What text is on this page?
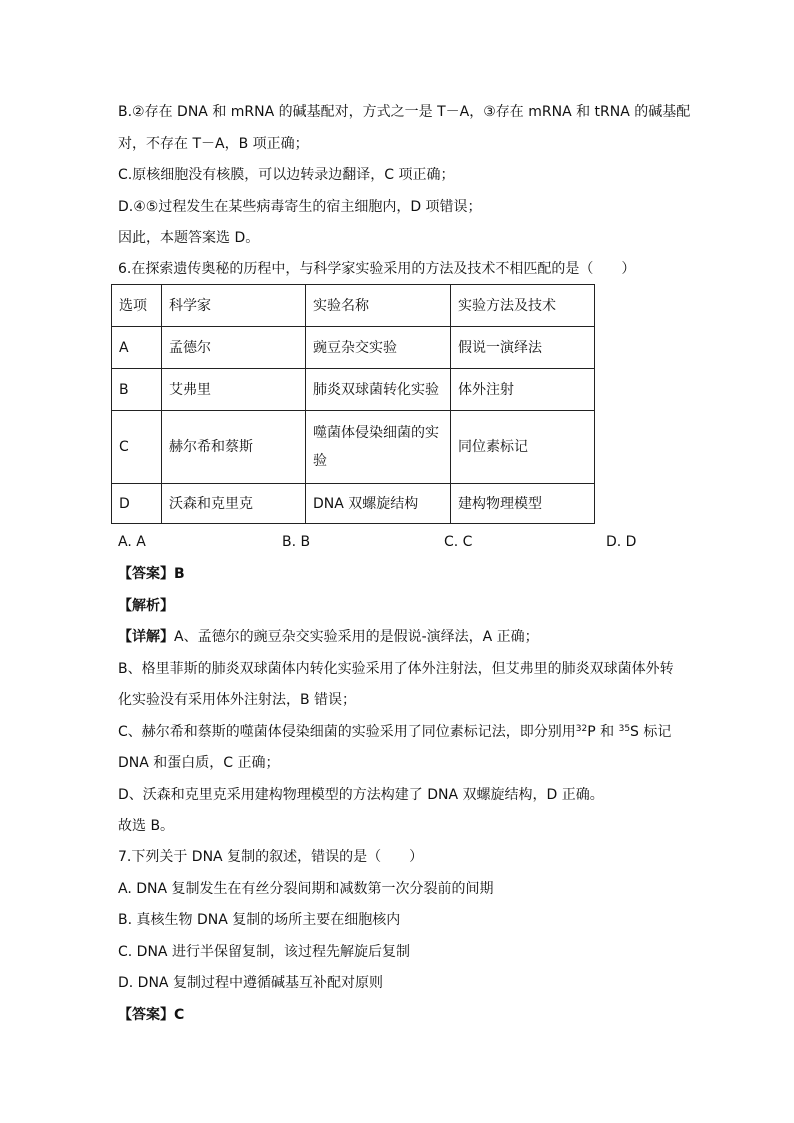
B.②存在 DNA 和 mRNA 的碱基配对，方式之一是 T－A，③存在 mRNA 和 tRNA 的碱基配
对，不存在 T－A，B 项正确；
C.原核细胞没有核膜，可以边转录边翻译，C 项正确；
D.④⑤过程发生在某些病毒寄生的宿主细胞内，D 项错误；
因此，本题答案选 D。
6.在探索遗传奥秘的历程中，与科学家实验采用的方法及技术不相匹配的是（　　）
选项	科学家	实验名称	实验方法及技术
A	孟德尔	豌豆杂交实验	假说一演绎法
B	艾弗里	肺炎双球菌转化实验	体外注射
C	赫尔希和蔡斯	噬菌体侵染细菌的实验	同位素标记
D	沃森和克里克	DNA 双螺旋结构	建构物理模型
A. A	B. B	C. C	D. D
【答案】B
【解析】
【详解】A、孟德尔的豌豆杂交实验采用的是假说-演绎法，A 正确；
B、格里菲斯的肺炎双球菌体内转化实验采用了体外注射法，但艾弗里的肺炎双球菌体外转
化实验没有采用体外注射法，B 错误；
C、赫尔希和蔡斯的噬菌体侵染细菌的实验采用了同位素标记法，即分别用$^{32}$P 和 $^{35}$S 标记
DNA 和蛋白质，C 正确；
D、沃森和克里克采用建构物理模型的方法构建了 DNA 双螺旋结构，D 正确。
故选 B。
7.下列关于 DNA 复制的叙述，错误的是（　　）
A. DNA 复制发生在有丝分裂间期和减数第一次分裂前的间期
B. 真核生物 DNA 复制的场所主要在细胞核内
C. DNA 进行半保留复制，该过程先解旋后复制
D. DNA 复制过程中遵循碱基互补配对原则
【答案】C
